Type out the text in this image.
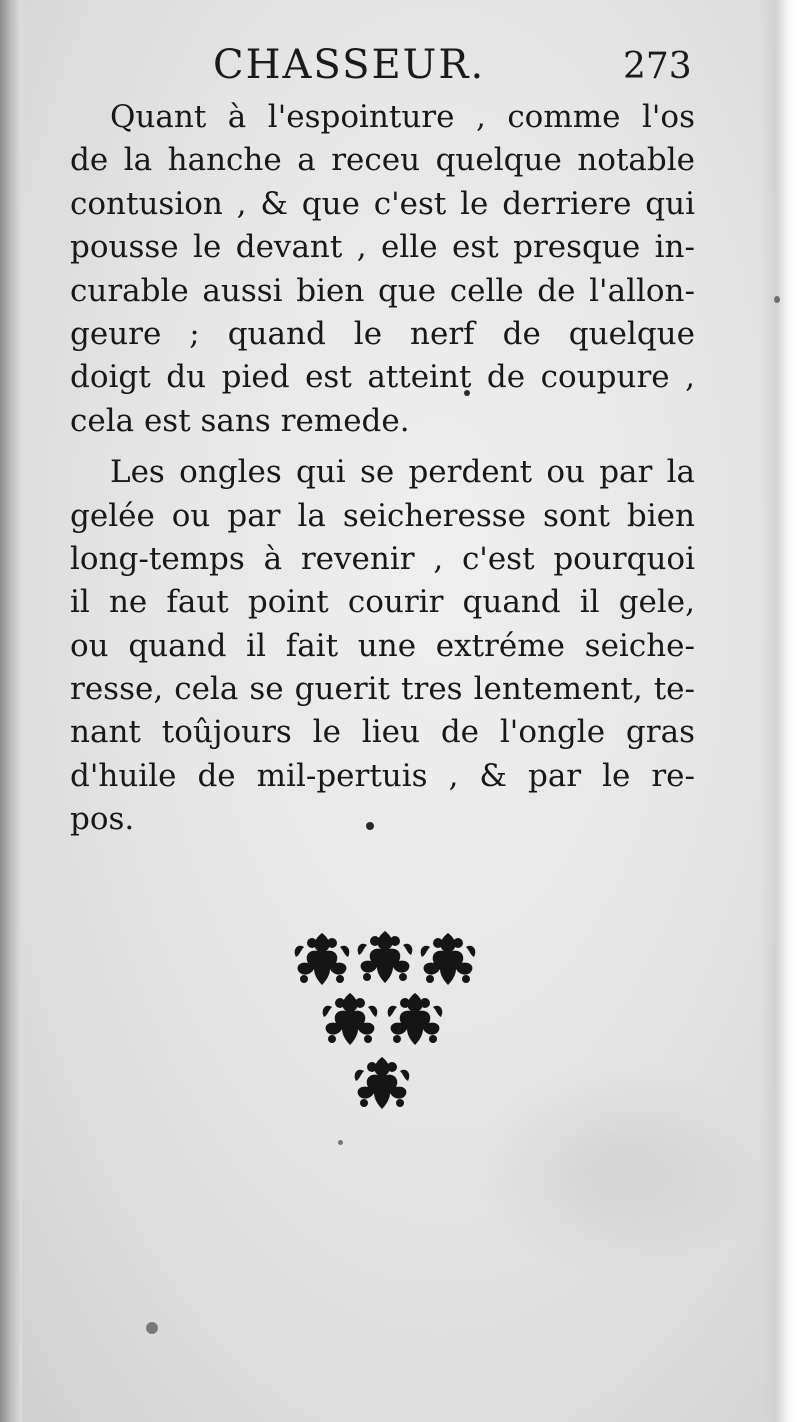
CHASSEUR.	273
Quant à l'espointure , comme l'os
de la hanche a receu quelque notable
contusion , & que c'est le derriere qui
pousse le devant , elle est presque in-
curable aussi bien que celle de l'allon-
geure ; quand le nerf de quelque
doigt du pied est atteint de coupure ,
cela est sans remede.
Les ongles qui se perdent ou par la
gelée ou par la seicheresse sont bien
long-temps à revenir , c'est pourquoi
il ne faut point courir quand il gele,
ou quand il fait une extréme seiche-
resse, cela se guerit tres lentement, te-
nant toûjours le lieu de l'ongle gras
d'huile de mil-pertuis , & par le re-
pos.
